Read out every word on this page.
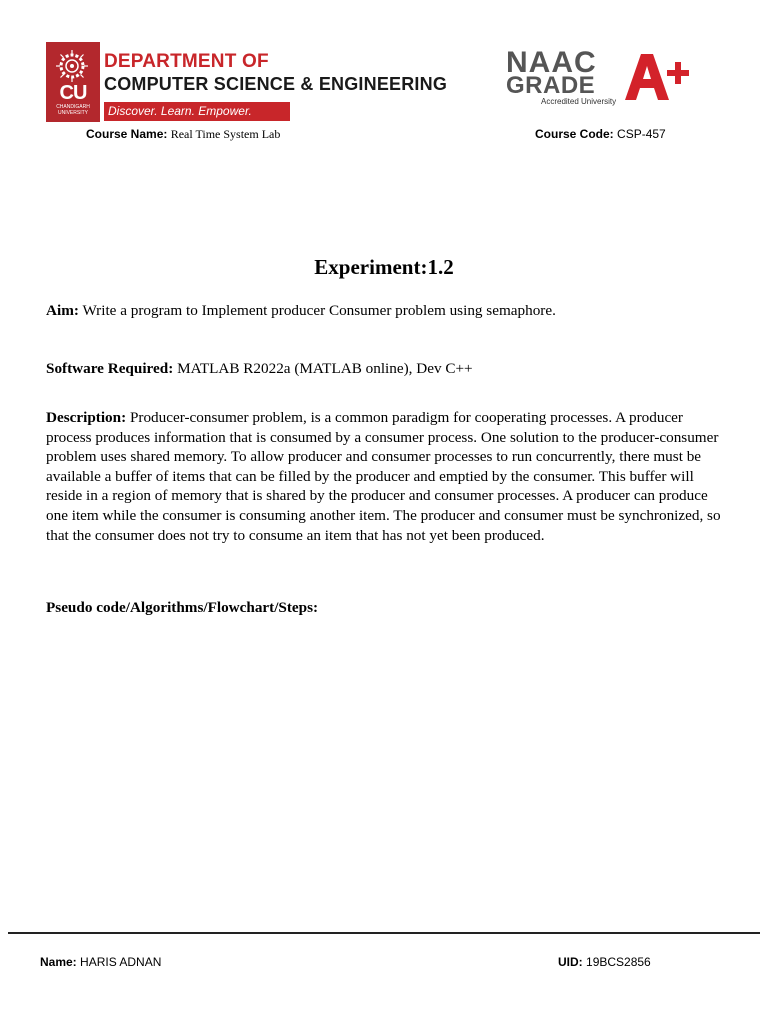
CU
CHANDIGARH UNIVERSITY
DEPARTMENT OF
COMPUTER SCIENCE & ENGINEERING
Discover. Learn. Empower.
NAAC
GRADE
Accredited University
Course Name: Real Time System Lab	Course Code: CSP-457
Experiment:1.2
Aim: Write a program to Implement producer Consumer problem using semaphore.
Software Required: MATLAB R2022a (MATLAB online), Dev C++
Description: Producer-consumer problem, is a common paradigm for cooperating processes. A producer process produces information that is consumed by a consumer process. One solution to the producer-consumer problem uses shared memory. To allow producer and consumer processes to run concurrently, there must be available a buffer of items that can be filled by the producer and emptied by the consumer. This buffer will reside in a region of memory that is shared by the producer and consumer processes. A producer can produce one item while the consumer is consuming another item. The producer and consumer must be synchronized, so that the consumer does not try to consume an item that has not yet been produced.
Pseudo code/Algorithms/Flowchart/Steps:
Name: HARIS ADNAN	UID: 19BCS2856
